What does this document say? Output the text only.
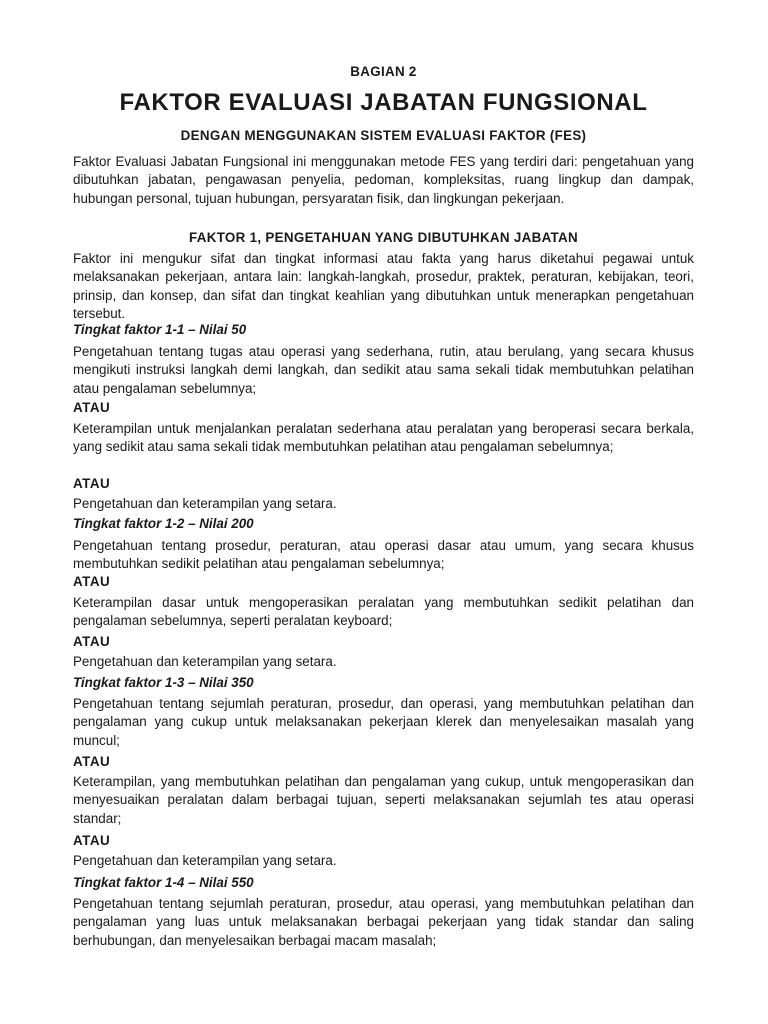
BAGIAN 2
FAKTOR EVALUASI JABATAN FUNGSIONAL
DENGAN MENGGUNAKAN SISTEM EVALUASI FAKTOR (FES)

Faktor Evaluasi Jabatan Fungsional ini menggunakan metode FES yang terdiri dari: pengetahuan yang dibutuhkan jabatan, pengawasan penyelia, pedoman, kompleksitas, ruang lingkup dan dampak, hubungan personal, tujuan hubungan, persyaratan fisik, dan lingkungan pekerjaan.

FAKTOR 1, PENGETAHUAN YANG DIBUTUHKAN JABATAN

Faktor ini mengukur sifat dan tingkat informasi atau fakta yang harus diketahui pegawai untuk melaksanakan pekerjaan, antara lain: langkah-langkah, prosedur, praktek, peraturan, kebijakan, teori, prinsip, dan konsep, dan sifat dan tingkat keahlian yang dibutuhkan untuk menerapkan pengetahuan tersebut.

Tingkat faktor 1-1 – Nilai 50

Pengetahuan tentang tugas atau operasi yang sederhana, rutin, atau berulang, yang secara khusus mengikuti instruksi langkah demi langkah, dan sedikit atau sama sekali tidak membutuhkan pelatihan atau pengalaman sebelumnya;

ATAU

Keterampilan untuk menjalankan peralatan sederhana atau peralatan yang beroperasi secara berkala, yang sedikit atau sama sekali tidak membutuhkan pelatihan atau pengalaman sebelumnya;

ATAU

Pengetahuan dan keterampilan yang setara.

Tingkat faktor 1-2 – Nilai 200

Pengetahuan tentang prosedur, peraturan, atau operasi dasar atau umum, yang secara khusus membutuhkan sedikit pelatihan atau pengalaman sebelumnya;

ATAU

Keterampilan dasar untuk mengoperasikan peralatan yang membutuhkan sedikit pelatihan dan pengalaman sebelumnya, seperti peralatan keyboard;

ATAU

Pengetahuan dan keterampilan yang setara.

Tingkat faktor 1-3 – Nilai 350

Pengetahuan tentang sejumlah peraturan, prosedur, dan operasi, yang membutuhkan pelatihan dan pengalaman yang cukup untuk melaksanakan pekerjaan klerek dan menyelesaikan masalah yang muncul;

ATAU

Keterampilan, yang membutuhkan pelatihan dan pengalaman yang cukup, untuk mengoperasikan dan menyesuaikan peralatan dalam berbagai tujuan, seperti melaksanakan sejumlah tes atau operasi standar;

ATAU

Pengetahuan dan keterampilan yang setara.

Tingkat faktor 1-4 – Nilai 550

Pengetahuan tentang sejumlah peraturan, prosedur, atau operasi, yang membutuhkan pelatihan dan pengalaman yang luas untuk melaksanakan berbagai pekerjaan yang tidak standar dan saling berhubungan, dan menyelesaikan berbagai macam masalah;
